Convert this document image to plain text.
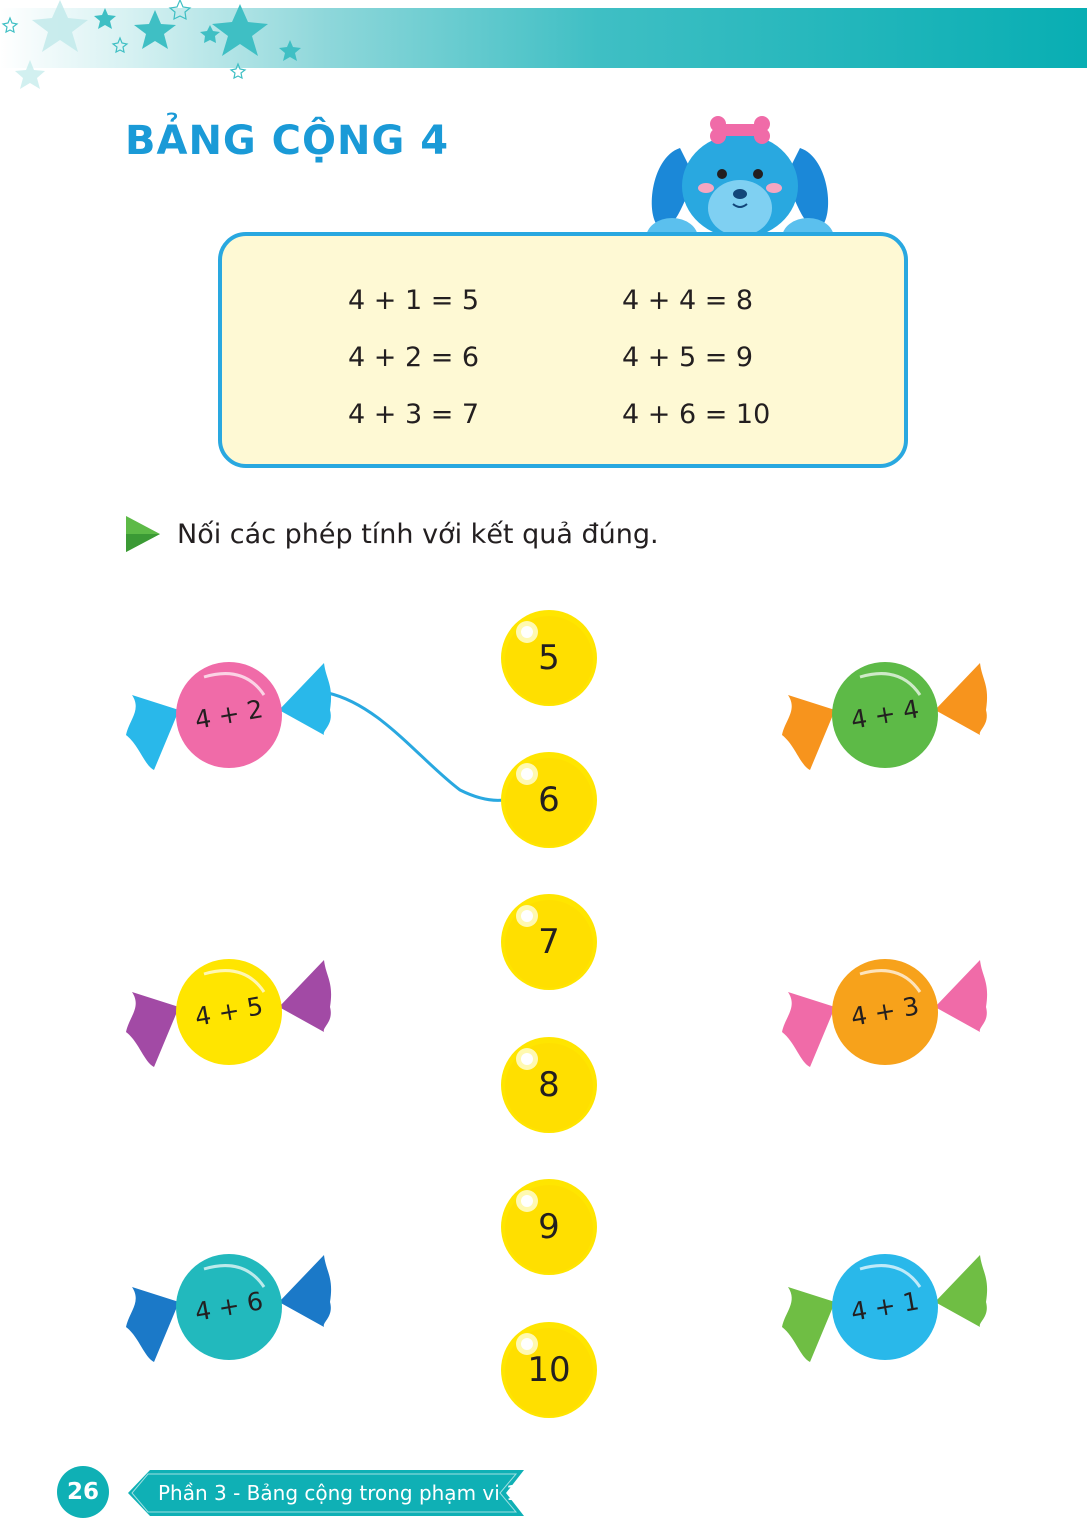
BẢNG CỘNG 4
4 + 1 = 5
4 + 2 = 6
4 + 3 = 7
4 + 4 = 8
4 + 5 = 9
4 + 6 = 10
Nối các phép tính với kết quả đúng.
5
6
7
8
9
10
4 + 2
4 + 5
4 + 6
4 + 4
4 + 3
4 + 1
26	Phần 3 - Bảng cộng trong phạm vi 10
